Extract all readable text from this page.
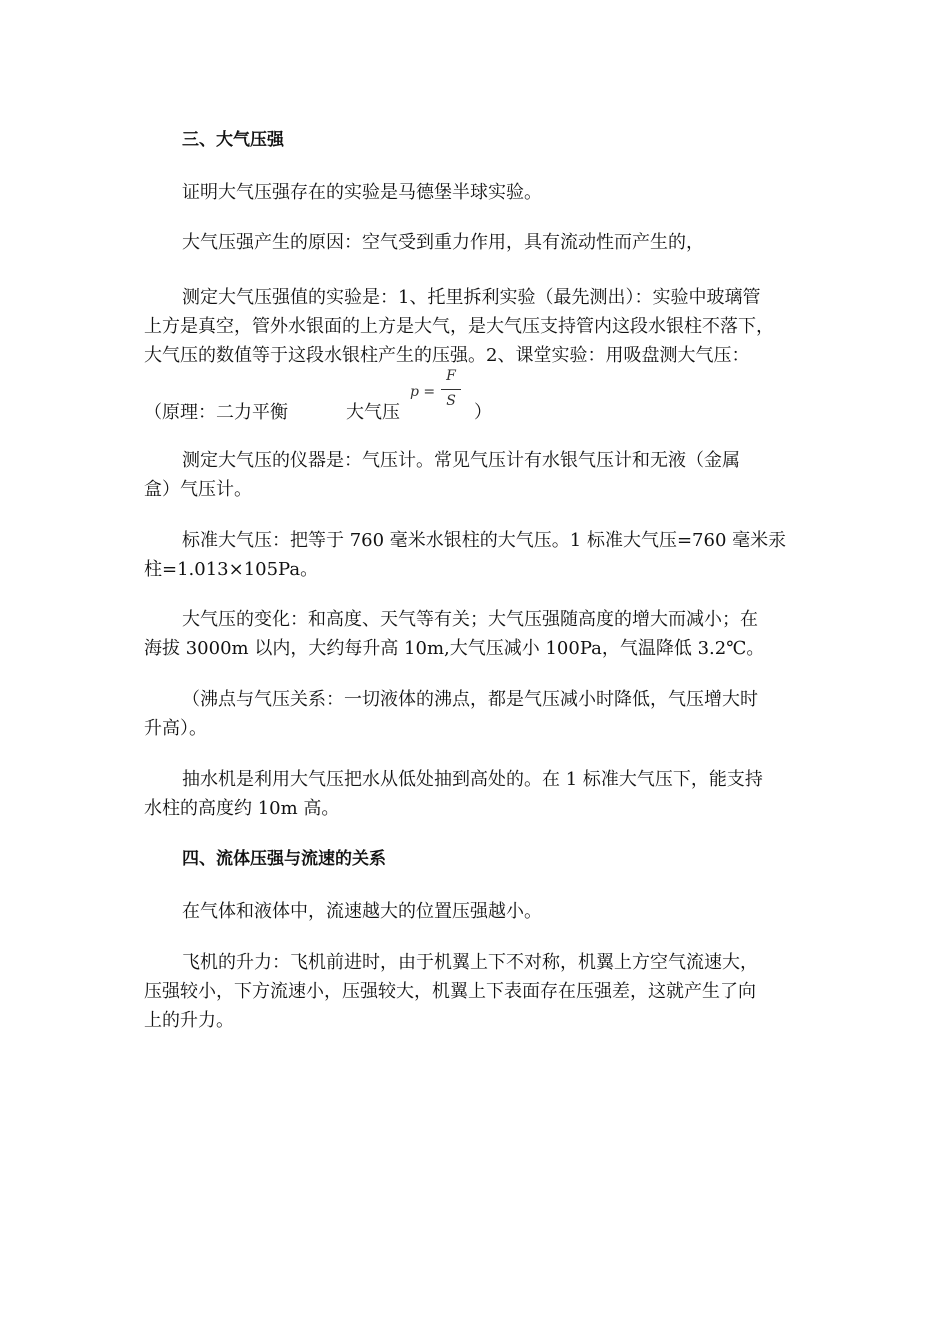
三、大气压强
证明大气压强存在的实验是马德堡半球实验。
大气压强产生的原因：空气受到重力作用，具有流动性而产生的，
测定大气压强值的实验是：1、托里拆利实验（最先测出）：实验中玻璃管
上方是真空，管外水银面的上方是大气，是大气压支持管内这段水银柱不落下，
大气压的数值等于这段水银柱产生的压强。2、课堂实验：用吸盘测大气压：
（原理：二力平衡	大气压	）
p =
F
S
测定大气压的仪器是：气压计。常见气压计有水银气压计和无液（金属
盒）气压计。
标准大气压：把等于 760 毫米水银柱的大气压。1 标准大气压=760 毫米汞
柱=1.013×105Pa。
大气压的变化：和高度、天气等有关；大气压强随高度的增大而减小；在
海拔 3000m 以内，大约每升高 10m,大气压减小 100Pa，气温降低 3.2℃。
（沸点与气压关系：一切液体的沸点，都是气压减小时降低，气压增大时
升高）。
抽水机是利用大气压把水从低处抽到高处的。在 1 标准大气压下，能支持
水柱的高度约 10m 高。
四、流体压强与流速的关系
在气体和液体中，流速越大的位置压强越小。
飞机的升力：飞机前进时，由于机翼上下不对称，机翼上方空气流速大，
压强较小，下方流速小，压强较大，机翼上下表面存在压强差，这就产生了向
上的升力。
